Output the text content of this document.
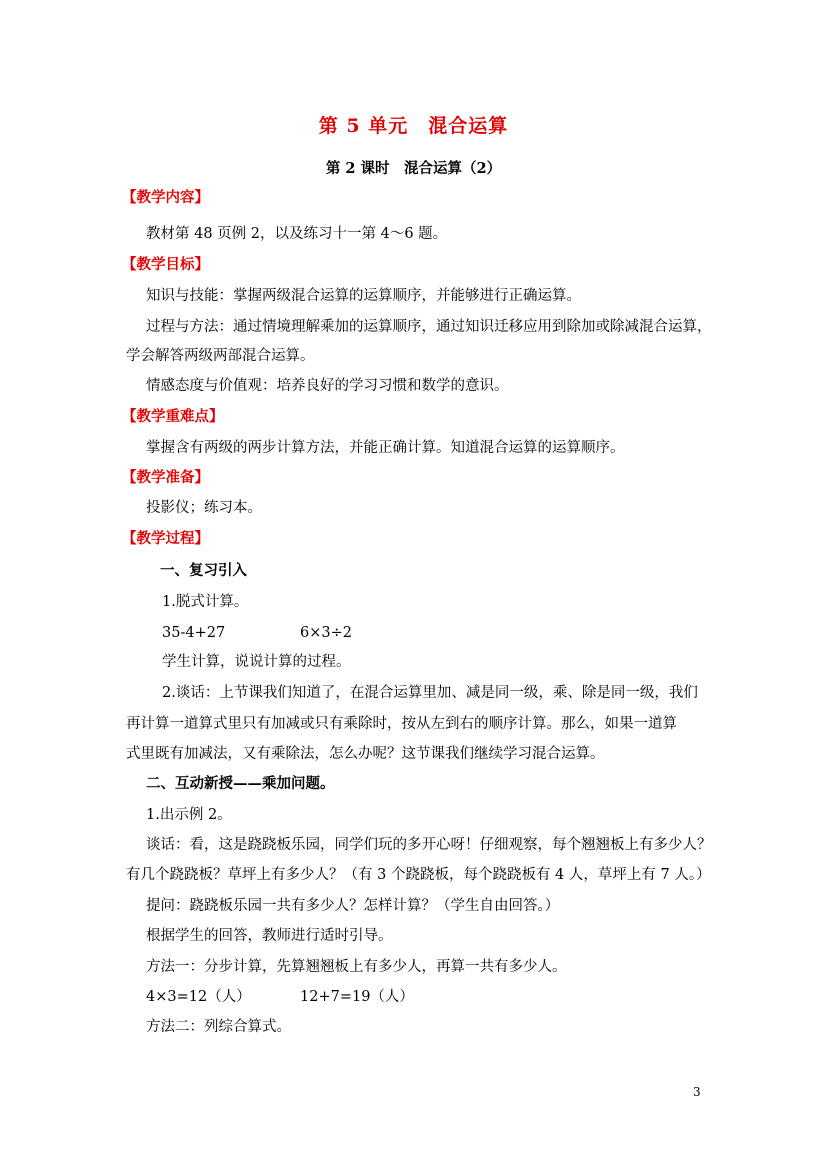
第 5 单元　混合运算
第 2 课时　混合运算（2）
【教学内容】
教材第 48 页例 2，以及练习十一第 4～6 题。
【教学目标】
知识与技能：掌握两级混合运算的运算顺序，并能够进行正确运算。
过程与方法：通过情境理解乘加的运算顺序，通过知识迁移应用到除加或除减混合运算，
学会解答两级两部混合运算。
情感态度与价值观：培养良好的学习习惯和数学的意识。
【教学重难点】
掌握含有两级的两步计算方法，并能正确计算。知道混合运算的运算顺序。
【教学准备】
投影仪；练习本。
【教学过程】
一、复习引入
1.脱式计算。
35-4+27	6×3÷2
学生计算，说说计算的过程。
2.谈话：上节课我们知道了，在混合运算里加、减是同一级，乘、除是同一级，我们
再计算一道算式里只有加减或只有乘除时，按从左到右的顺序计算。那么，如果一道算
式里既有加减法，又有乘除法，怎么办呢？这节课我们继续学习混合运算。
二、互动新授——乘加问题。
1.出示例 2。
谈话：看，这是跷跷板乐园，同学们玩的多开心呀！仔细观察，每个翘翘板上有多少人？
有几个跷跷板？草坪上有多少人？（有 3 个跷跷板，每个跷跷板有 4 人，草坪上有 7 人。）
提问：跷跷板乐园一共有多少人？怎样计算？（学生自由回答。）
根据学生的回答，教师进行适时引导。
方法一：分步计算，先算翘翘板上有多少人，再算一共有多少人。
4×3=12（人）	12+7=19（人）
方法二：列综合算式。
3
